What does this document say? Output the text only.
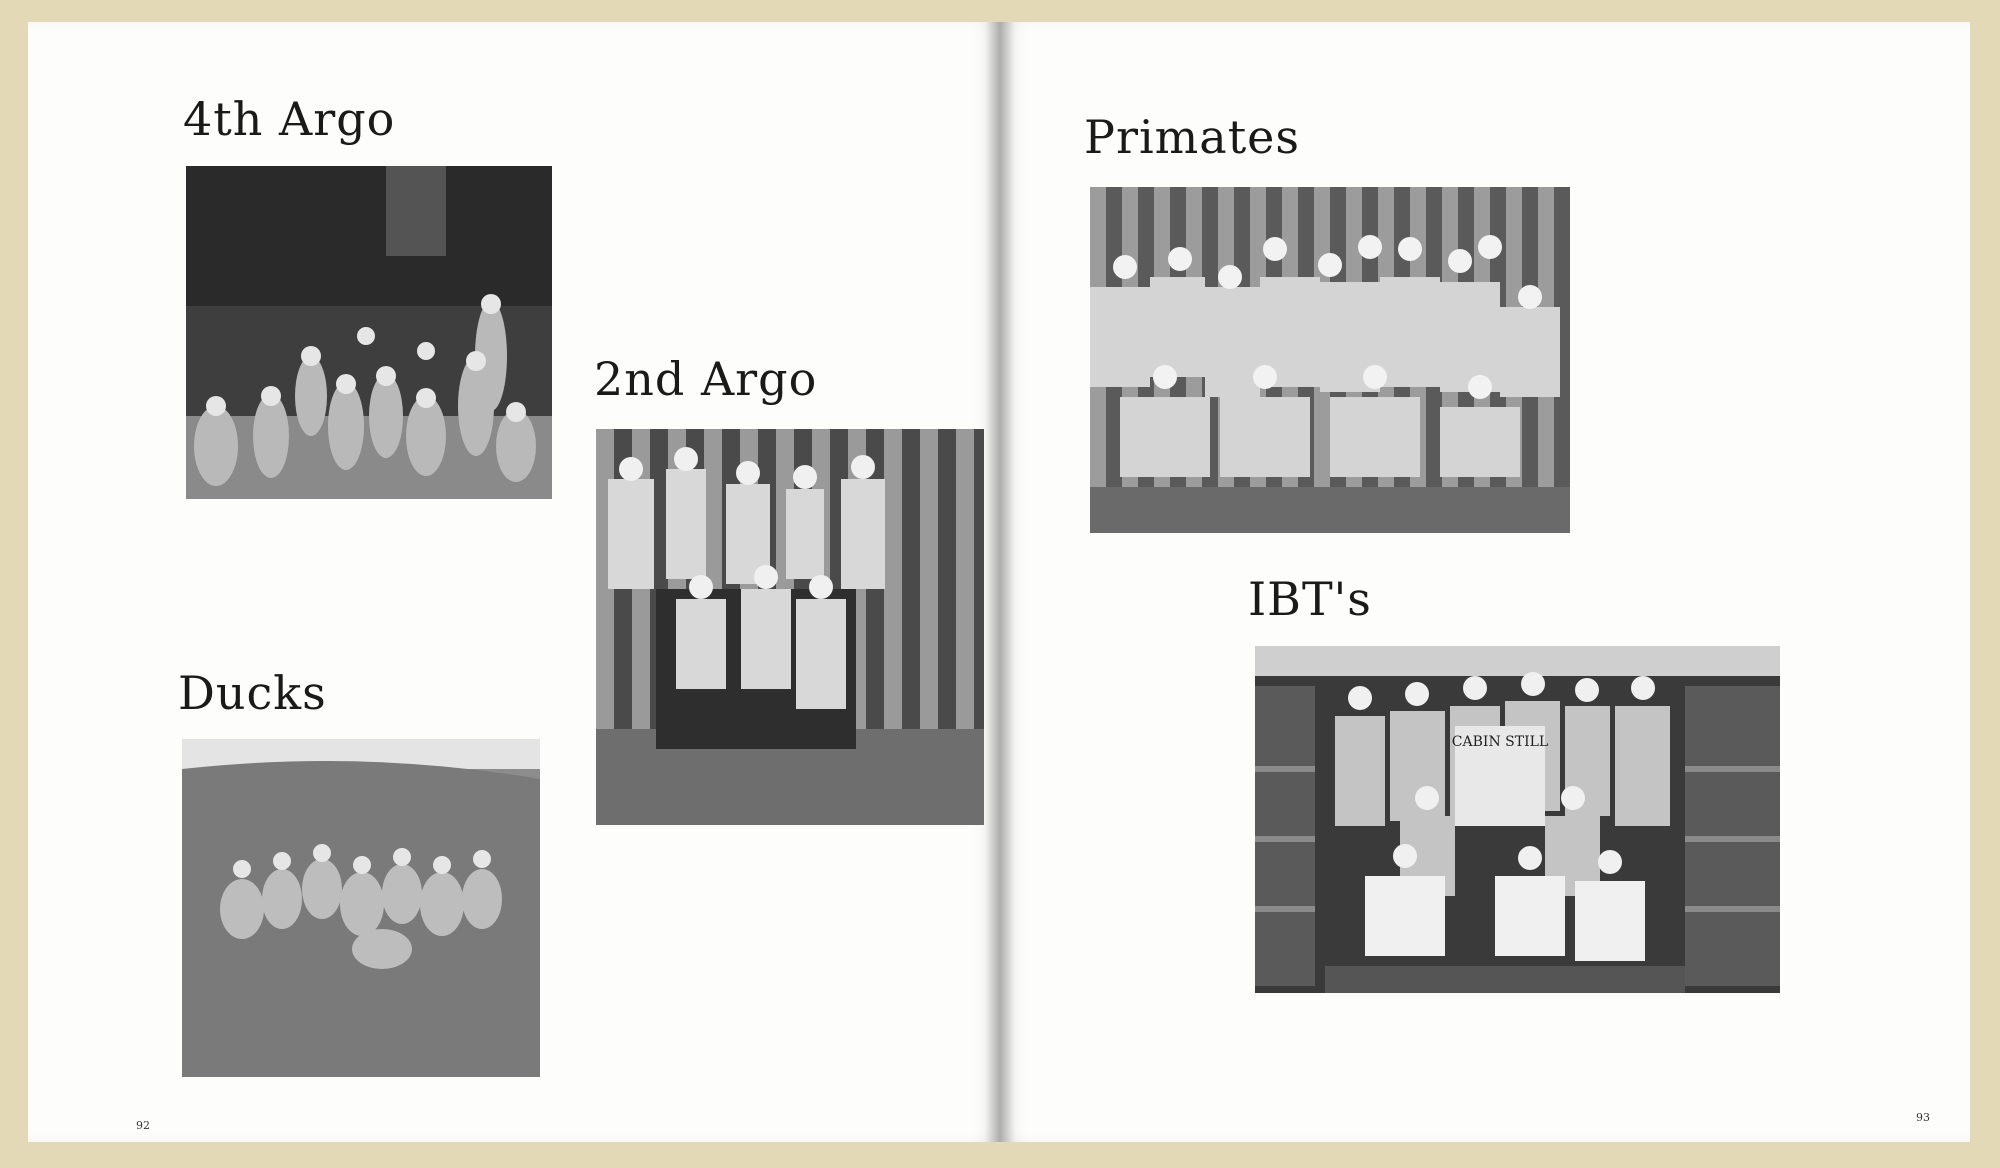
4th Argo
2nd Argo
Ducks
92
Primates
IBT's
CABIN STILL
93
